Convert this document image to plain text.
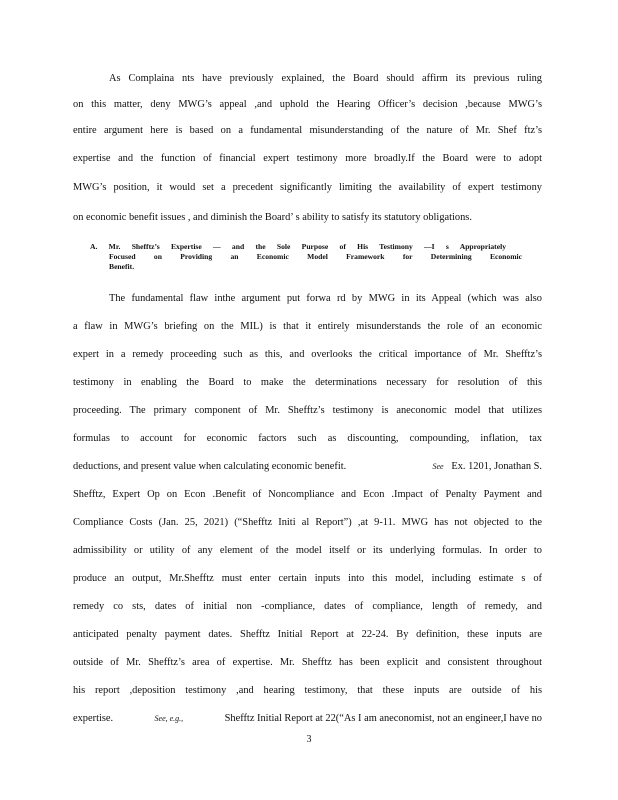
As Complaina nts have previously explained, the Board should affirm its previous ruling
on this matter, deny MWG’s appeal ,and uphold the Hearing Officer’s decision ,because MWG’s
entire argument here is based on a fundamental misunderstanding of the nature of Mr. Shef ftz’s
expertise and the function of financial expert testimony more broadly.If the Board were to adopt
MWG’s position, it would set a precedent significantly limiting the availability of expert testimony
on economic benefit issues , and diminish the Board’ s ability to satisfy its statutory obligations.
A. Mr. Shefftz’s Expertise — and the Sole Purpose of His Testimony —I s Appropriately
Focused on Providing an Economic Model Framework for Determining Economic
Benefit.
The fundamental flaw inthe argument put forwa rd by MWG in its Appeal (which was also
a flaw in MWG’s briefing on the MIL) is that it entirely misunderstands the role of an economic
expert in a remedy proceeding such as this, and overlooks the critical importance of Mr. Shefftz’s
testimony in enabling the Board to make the determinations necessary for resolution of this
proceeding. The primary component of Mr. Shefftz’s testimony is aneconomic model that utilizes
formulas to account for economic factors such as discounting, compounding, inflation, tax
deductions, and present value when calculating economic benefit.	See Ex. 1201, Jonathan S.
Shefftz, Expert Op on Econ .Benefit of Noncompliance and Econ .Impact of Penalty Payment and
Compliance Costs (Jan. 25, 2021) (“Shefftz Initi al Report”) ,at 9-11. MWG has not objected to the
admissibility or utility of any element of the model itself or its underlying formulas. In order to
produce an output, Mr.Shefftz must enter certain inputs into this model, including estimate s of
remedy co sts, dates of initial non -compliance, dates of compliance, length of remedy, and
anticipated penalty payment dates. Shefftz Initial Report at 22-24. By definition, these inputs are
outside of Mr. Shefftz’s area of expertise. Mr. Shefftz has been explicit and consistent throughout
his report ,deposition testimony ,and hearing testimony, that these inputs are outside of his
expertise.	See, e.g.,	Shefftz Initial Report at 22(“As I am aneconomist, not an engineer,I have no
3
